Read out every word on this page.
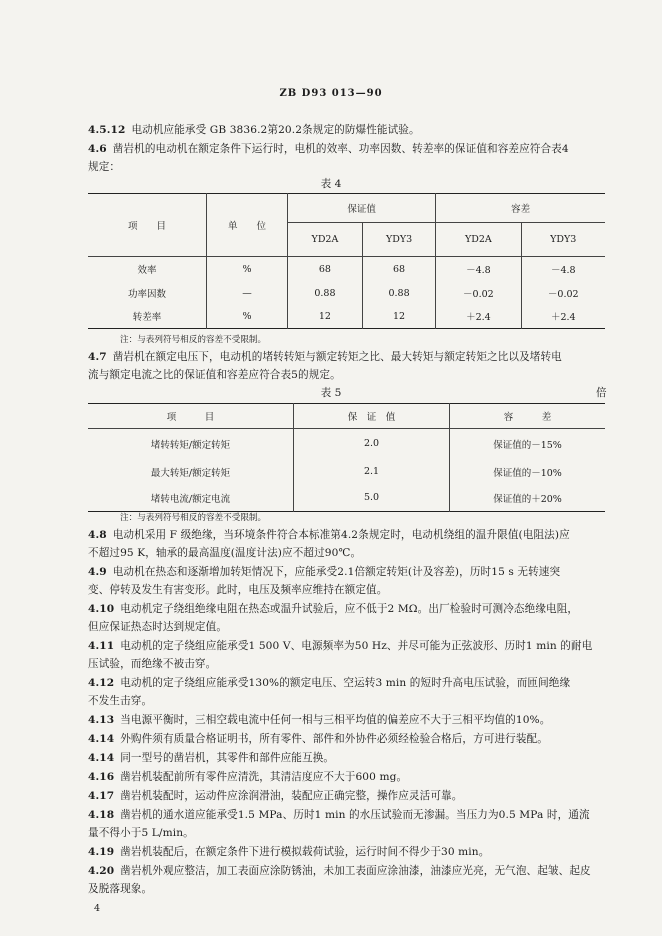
ZB D93 013—90
4.5.12 电动机应能承受 GB 3836.2第20.2条规定的防爆性能试验。
4.6 凿岩机的电动机在额定条件下运行时，电机的效率、功率因数、转差率的保证值和容差应符合表4
规定：
表 4
项　　目	单　　位	保证值		容差	
		YD2A	YDY3	YD2A	YDY3
效率	%	68	68	－4.8	－4.8
功率因数	—	0.88	0.88	－0.02	－0.02
转差率	%	12	12	＋2.4	＋2.4
注：与表列符号相反的容差不受限制。
4.7 凿岩机在额定电压下，电动机的堵转转矩与额定转矩之比、最大转矩与额定转矩之比以及堵转电
流与额定电流之比的保证值和容差应符合表5的规定。
表 5	倍
项　　　目	保　证　值	容　　　差
堵转转矩/额定转矩	2.0	保证值的－15%
最大转矩/额定转矩	2.1	保证值的－10%
堵转电流/额定电流	5.0	保证值的＋20%
注：与表列符号相反的容差不受限制。
4.8 电动机采用 F 级绝缘，当环境条件符合本标准第4.2条规定时，电动机绕组的温升限值(电阻法)应
不超过95 K，轴承的最高温度(温度计法)应不超过90℃。
4.9 电动机在热态和逐渐增加转矩情况下，应能承受2.1倍额定转矩(计及容差)，历时15 s 无转速突
变、停转及发生有害变形。此时，电压及频率应维持在额定值。
4.10 电动机定子绕组绝缘电阻在热态或温升试验后，应不低于2 MΩ。出厂检验时可测冷态绝缘电阻，
但应保证热态时达到规定值。
4.11 电动机的定子绕组应能承受1 500 V、电源频率为50 Hz、并尽可能为正弦波形、历时1 min 的耐电
压试验，而绝缘不被击穿。
4.12 电动机的定子绕组应能承受130%的额定电压、空运转3 min 的短时升高电压试验，而匝间绝缘
不发生击穿。
4.13 当电源平衡时，三相空载电流中任何一相与三相平均值的偏差应不大于三相平均值的10%。
4.14 外购件须有质量合格证明书，所有零件、部件和外协件必须经检验合格后，方可进行装配。
4.14 同一型号的凿岩机，其零件和部件应能互换。
4.16 凿岩机装配前所有零件应清洗，其清洁度应不大于600 mg。
4.17 凿岩机装配时，运动件应涂润滑油，装配应正确完整，操作应灵活可靠。
4.18 凿岩机的通水道应能承受1.5 MPa、历时1 min 的水压试验而无渗漏。当压力为0.5 MPa 时，通流
量不得小于5 L/min。
4.19 凿岩机装配后，在额定条件下进行模拟载荷试验，运行时间不得少于30 min。
4.20 凿岩机外观应整洁，加工表面应涂防锈油，未加工表面应涂油漆，油漆应光亮，无气泡、起皱、起皮
及脱落现象。
4
